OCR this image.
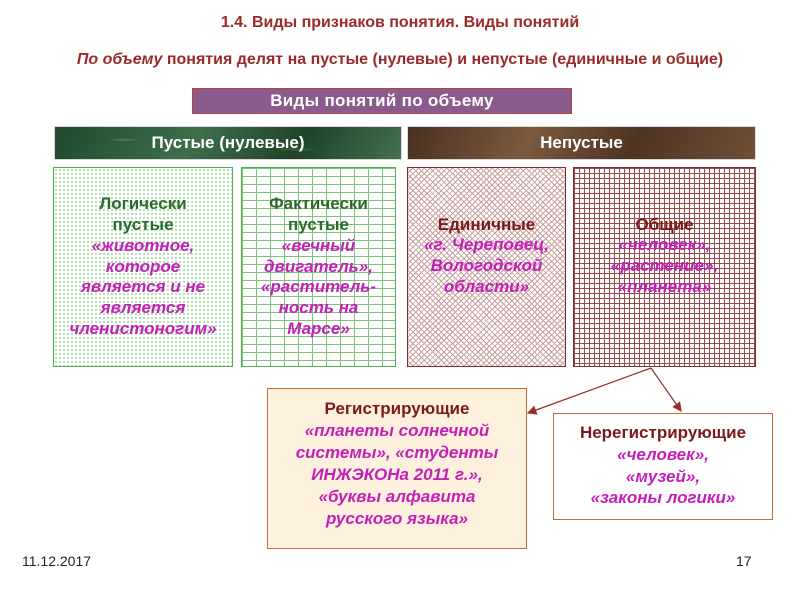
1.4. Виды признаков понятия. Виды понятий
По объему понятия делят на пустые (нулевые) и непустые (единичные и общие)
Виды понятий по объему
Пустые (нулевые)	Непустые
Логически
пустые
«животное,
которое
является и не
является
членистоногим»
Фактически
пустые
«вечный
двигатель»,
«раститель-
ность на
Марсе»
Единичные
«г. Череповец,
Вологодской
области»
Общие
«человек»,
«растение»,
«планета»
Регистрирующие
«планеты солнечной
системы», «студенты
ИНЖЭКОНа 2011 г.»,
«буквы алфавита
русского языка»
Нерегистрирующие
«человек»,
«музей»,
«законы логики»
11.12.2017	17
